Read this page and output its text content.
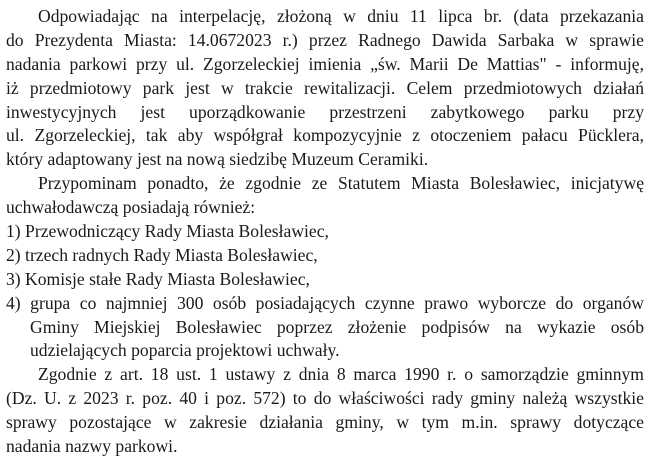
Odpowiadając na interpelację, złożoną w dniu 11 lipca br. (data przekazania
do Prezydenta Miasta: 14.0672023 r.) przez Radnego Dawida Sarbaka w sprawie
nadania parkowi przy ul. Zgorzeleckiej imienia „św. Marii De Mattias" - informuję,
iż przedmiotowy park jest w trakcie rewitalizacji. Celem przedmiotowych działań
inwestycyjnych jest uporządkowanie przestrzeni zabytkowego parku przy
ul. Zgorzeleckiej, tak aby współgrał kompozycyjnie z otoczeniem pałacu Pücklera,
który adaptowany jest na nową siedzibę Muzeum Ceramiki.
Przypominam ponadto, że zgodnie ze Statutem Miasta Bolesławiec, inicjatywę
uchwałodawczą posiadają również:
1) Przewodniczący Rady Miasta Bolesławiec,
2) trzech radnych Rady Miasta Bolesławiec,
3) Komisje stałe Rady Miasta Bolesławiec,
4) grupa co najmniej 300 osób posiadających czynne prawo wyborcze do organów
Gminy Miejskiej Bolesławiec poprzez złożenie podpisów na wykazie osób
udzielających poparcia projektowi uchwały.
Zgodnie z art. 18 ust. 1 ustawy z dnia 8 marca 1990 r. o samorządzie gminnym
(Dz. U. z 2023 r. poz. 40 i poz. 572) to do właściwości rady gminy należą wszystkie
sprawy pozostające w zakresie działania gminy, w tym m.in. sprawy dotyczące
nadania nazwy parkowi.
